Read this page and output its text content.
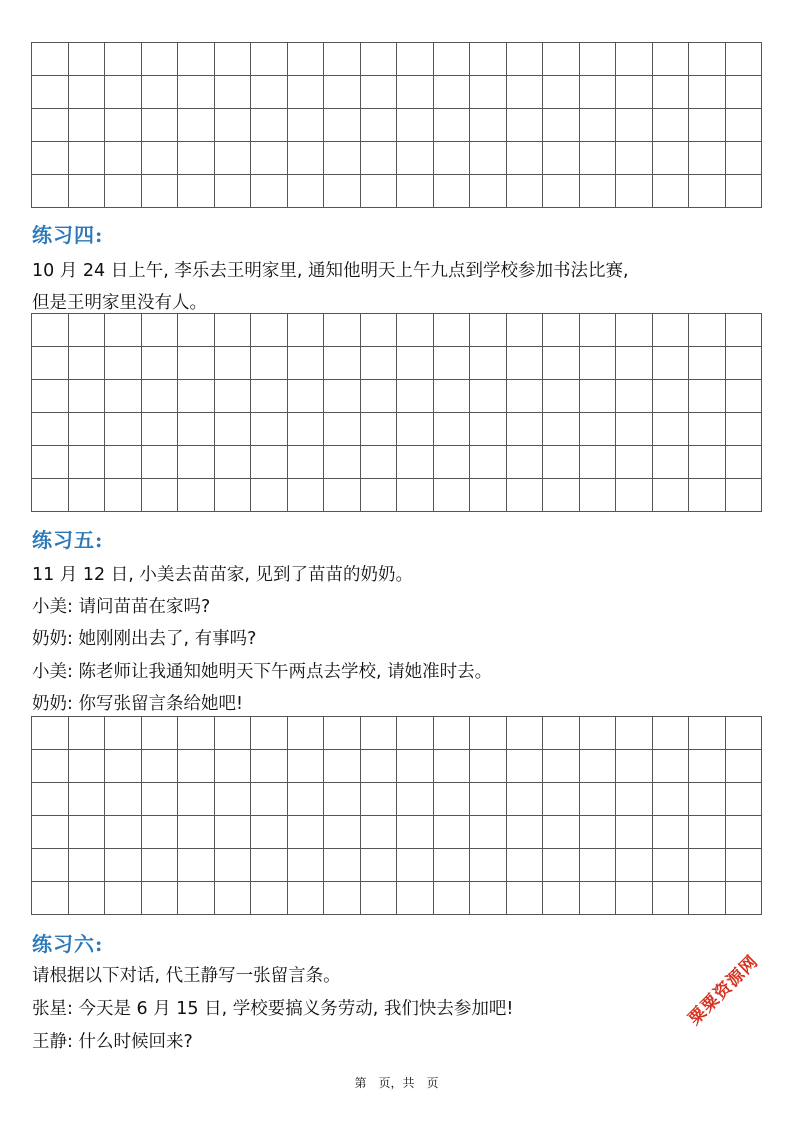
练习四:

10 月 24 日上午, 李乐去王明家里, 通知他明天上午九点到学校参加书法比赛,

但是王明家里没有人。

练习五:

11 月 12 日, 小美去苗苗家, 见到了苗苗的奶奶。

小美: 请问苗苗在家吗?

奶奶: 她刚刚出去了, 有事吗?

小美: 陈老师让我通知她明天下午两点去学校, 请她准时去。

奶奶: 你写张留言条给她吧!

练习六:

请根据以下对话, 代王静写一张留言条。

张星: 今天是 6 月 15 日, 学校要搞义务劳动, 我们快去参加吧!

王静: 什么时候回来?

粟粟资源网
第　页，共　页
